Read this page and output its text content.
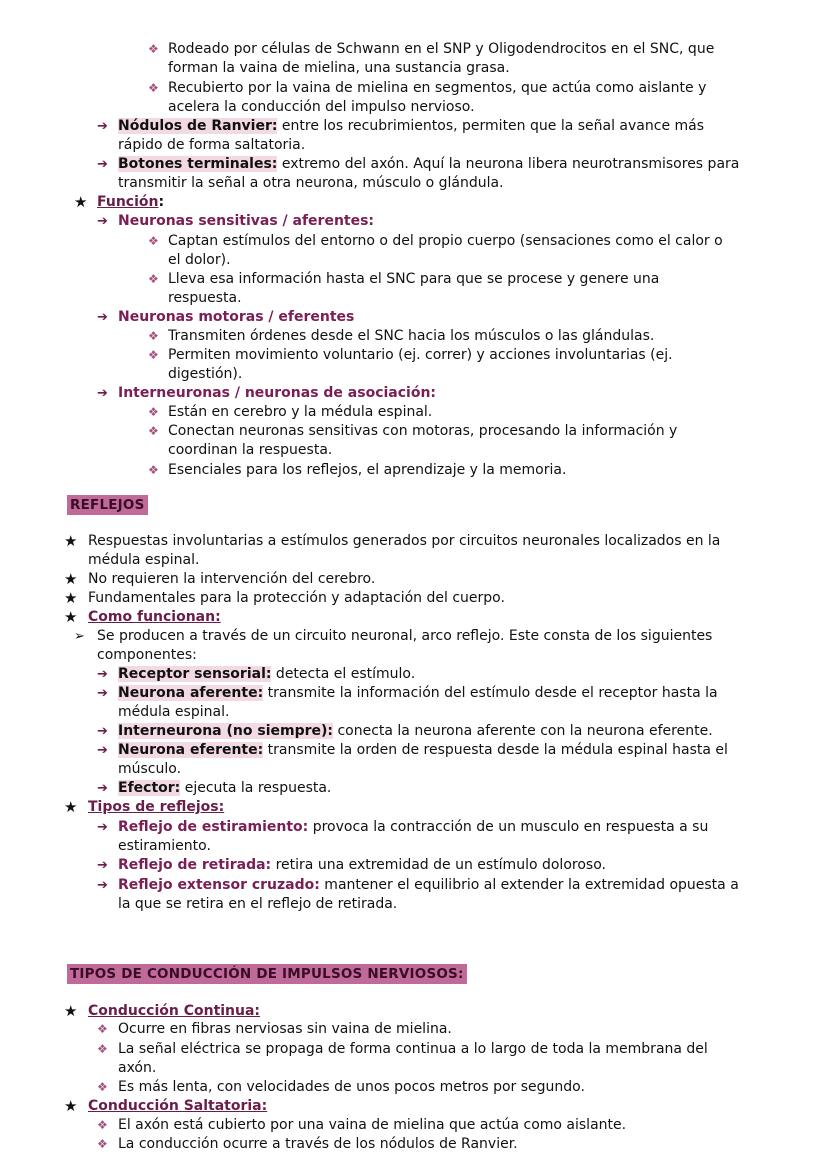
❖ Rodeado por células de Schwann en el SNP y Oligodendrocitos en el SNC, que
forman la vaina de mielina, una sustancia grasa.
❖ Recubierto por la vaina de mielina en segmentos, que actúa como aislante y
acelera la conducción del impulso nervioso.
➔ Nódulos de Ranvier: entre los recubrimientos, permiten que la señal avance más
rápido de forma saltatoria.
➔ Botones terminales: extremo del axón. Aquí la neurona libera neurotransmisores para
transmitir la señal a otra neurona, músculo o glándula.
★ Función:
➔ Neuronas sensitivas / aferentes:
❖ Captan estímulos del entorno o del propio cuerpo (sensaciones como el calor o
el dolor).
❖ Lleva esa información hasta el SNC para que se procese y genere una
respuesta.
➔ Neuronas motoras / eferentes
❖ Transmiten órdenes desde el SNC hacia los músculos o las glándulas.
❖ Permiten movimiento voluntario (ej. correr) y acciones involuntarias (ej.
digestión).
➔ Interneuronas / neuronas de asociación:
❖ Están en cerebro y la médula espinal.
❖ Conectan neuronas sensitivas con motoras, procesando la información y
coordinan la respuesta.
❖ Esenciales para los reflejos, el aprendizaje y la memoria.
REFLEJOS
★ Respuestas involuntarias a estímulos generados por circuitos neuronales localizados en la
médula espinal.
★ No requieren la intervención del cerebro.
★ Fundamentales para la protección y adaptación del cuerpo.
★ Como funcionan:
➢ Se producen a través de un circuito neuronal, arco reflejo. Este consta de los siguientes
componentes:
➔ Receptor sensorial: detecta el estímulo.
➔ Neurona aferente: transmite la información del estímulo desde el receptor hasta la
médula espinal.
➔ Interneurona (no siempre): conecta la neurona aferente con la neurona eferente.
➔ Neurona eferente: transmite la orden de respuesta desde la médula espinal hasta el
músculo.
➔ Efector: ejecuta la respuesta.
★ Tipos de reflejos:
➔ Reflejo de estiramiento: provoca la contracción de un musculo en respuesta a su
estiramiento.
➔ Reflejo de retirada: retira una extremidad de un estímulo doloroso.
➔ Reflejo extensor cruzado: mantener el equilibrio al extender la extremidad opuesta a
la que se retira en el reflejo de retirada.
TIPOS DE CONDUCCIÓN DE IMPULSOS NERVIOSOS:
★ Conducción Continua:
❖ Ocurre en fibras nerviosas sin vaina de mielina.
❖ La señal eléctrica se propaga de forma continua a lo largo de toda la membrana del
axón.
❖ Es más lenta, con velocidades de unos pocos metros por segundo.
★ Conducción Saltatoria:
❖ El axón está cubierto por una vaina de mielina que actúa como aislante.
❖ La conducción ocurre a través de los nódulos de Ranvier.
